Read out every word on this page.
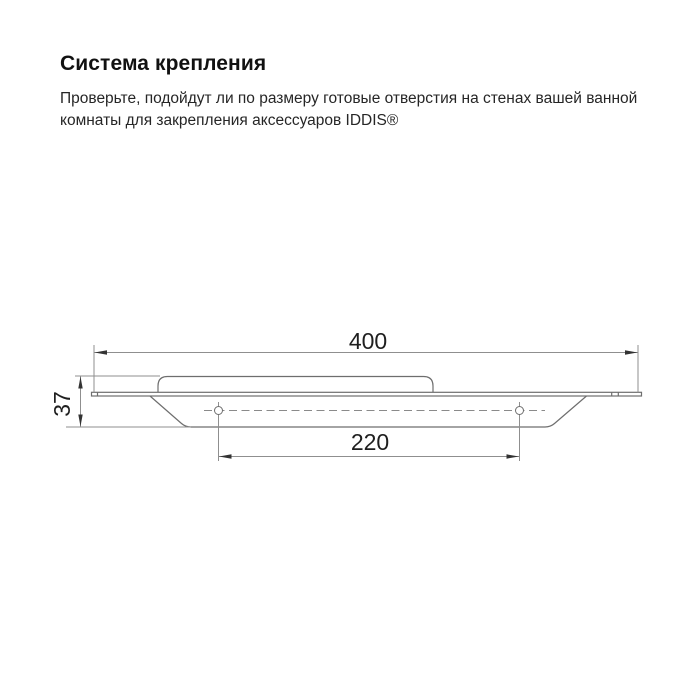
Система крепления

Проверьте, подойдут ли по размеру готовые отверстия на стенах вашей ванной комнаты для закрепления аксессуаров IDDIS®

400
37
220
